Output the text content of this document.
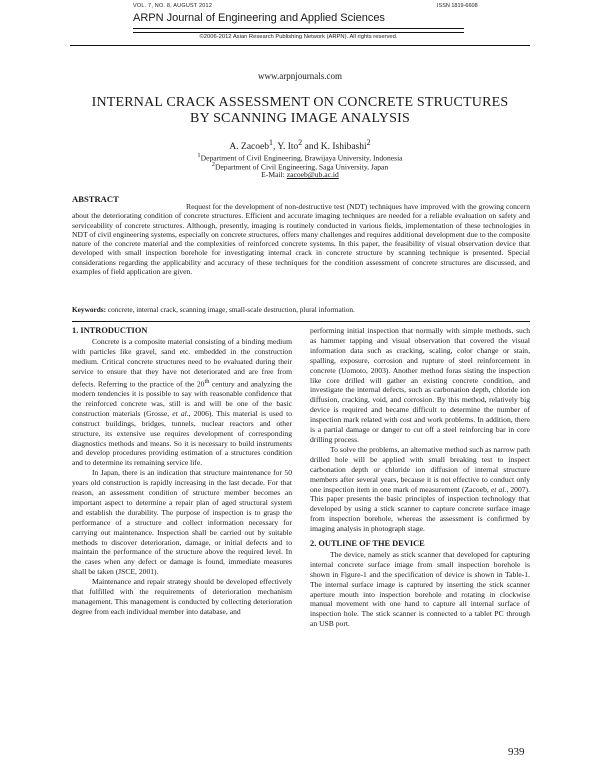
VOL. 7, NO. 8, AUGUST 2012	ISSN 1819-6608
ARPN Journal of Engineering and Applied Sciences
©2006-2012 Asian Research Publishing Network (ARPN). All rights reserved.
www.arpnjournals.com
INTERNAL CRACK ASSESSMENT ON CONCRETE STRUCTURES
BY SCANNING IMAGE ANALYSIS
A. Zacoeb$^1$, Y. Ito$^2$ and K. Ishibashi$^2$
$^1$Department of Civil Engineering, Brawijaya University, Indonesia
$^2$Department of Civil Engineering, Saga University, Japan
E-Mail: zacoeb@ub.ac.id
ABSTRACT

Request for the development of non-destructive test (NDT) techniques have improved with the growing concern about the deteriorating condition of concrete structures. Efficient and accurate imaging techniques are needed for a reliable evaluation on safety and serviceability of concrete structures. Although, presently, imaging is routinely conducted in various fields, implementation of these technologies in NDT of civil engineering systems, especially on concrete structures, offers many challenges and requires additional development due to the composite nature of the concrete material and the complexities of reinforced concrete systems. In this paper, the feasibility of visual observation device that developed with small inspection borehole for investigating internal crack in concrete structure by scanning technique is presented. Special considerations regarding the applicability and accuracy of these techniques for the condition assessment of concrete structures are discussed, and examples of field application are given.

Keywords: concrete, internal crack, scanning image, small-scale destruction, plural information.

1. INTRODUCTION

Concrete is a composite material consisting of a binding medium with particles like gravel, sand etc. embedded in the construction medium. Critical concrete structures need to be evaluated during their service to ensure that they have not deteriorated and are free from defects. Referring to the practice of the 20th century and analyzing the modern tendencies it is possible to say with reasonable confidence that the reinforced concrete was, still is and will be one of the basic construction materials (Grosse, et al., 2006). This material is used to construct buildings, bridges, tunnels, nuclear reactors and other structure, its extensive use requires development of corresponding diagnostics methods and means. So it is necessary to build instruments and develop procedures providing estimation of a structures condition and to determine its remaining service life.

In Japan, there is an indication that structure maintenance for 50 years old construction is rapidly increasing in the last decade. For that reason, an assessment condition of structure member becomes an important aspect to determine a repair plan of aged structural system and establish the durability. The purpose of inspection is to grasp the performance of a structure and collect information necessary for carrying out maintenance. Inspection shall be carried out by suitable methods to discover deterioration, damage, or initial defects and to maintain the performance of the structure above the required level. In the cases when any defect or damage is found, immediate measures shall be taken (JSCE, 2001).

Maintenance and repair strategy should be developed effectively that fulfilled with the requirements of deterioration mechanism management. This management is conducted by collecting deterioration degree from each individual member into database, and

performing initial inspection that normally with simple methods, such as hammer tapping and visual observation that covered the visual information data such as cracking, scaling, color change or stain, spalling, exposure, corrosion and rupture of steel reinforcement in concrete (Uomoto, 2003). Another method foras sisting the inspection like core drilled will gather an existing concrete condition, and investigate the internal defects, such as carbonation depth, chloride ion diffusion, cracking, void, and corrosion. By this method, relatively big device is required and became difficult to determine the number of inspection mark related with cost and work problems. In addition, there is a partial damage or danger to cut off a steel reinforcing bar in core drilling process.

To solve the problems, an alternative method such as narrow path drilled hole will be applied with small breaking test to inspect carbonation depth or chloride ion diffusion of internal structure members after several years, because it is not effective to conduct only one inspection item in one mark of measurement (Zacoeb, et al., 2007). This paper presents the basic principles of inspection technology that developed by using a stick scanner to capture concrete surface image from inspection borehole, whereas the assessment is confirmed by imaging analysis in photograph stage.

2. OUTLINE OF THE DEVICE

The device, namely as stick scanner that developed for capturing internal concrete surface image from small inspection borehole is shown in Figure-1 and the specification of device is shown in Table-1. The internal surface image is captured by inserting the stick scanner aperture mouth into inspection borehole and rotating in clockwise manual movement with one hand to capture all internal surface of inspection hole. The stick scanner is connected to a tablet PC through an USB port.

939
